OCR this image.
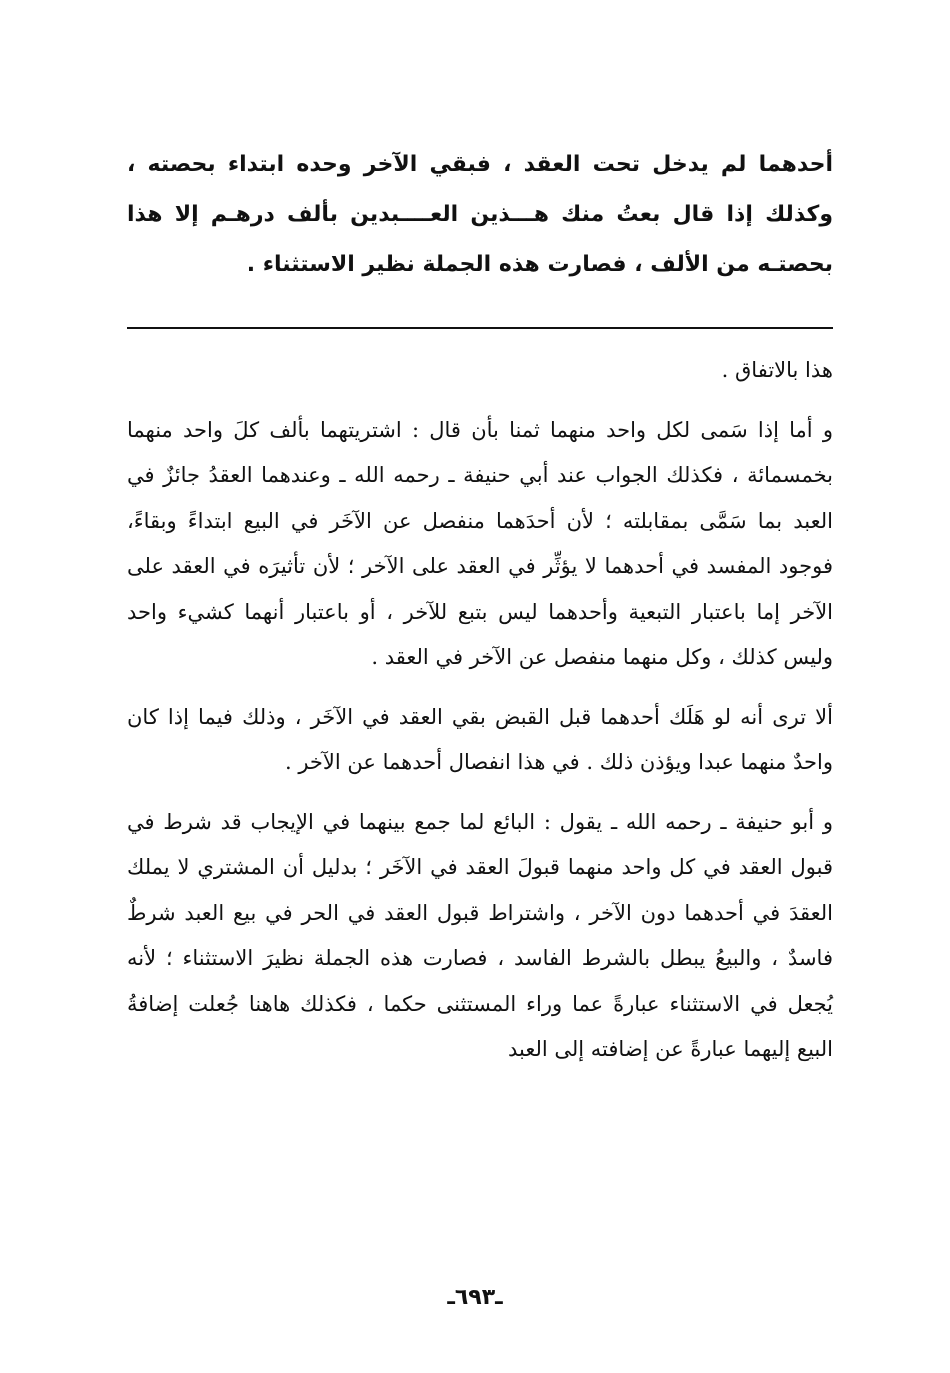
أحدهما لم يدخل تحت العقد ، فبقي الآخر وحده ابتداء بحصته ، وكذلك إذا قال بعتُ منك هـــذين العــــبدين بألف درهـم إلا هذا بحصتـه من الألف ، فصارت هذه الجملة نظير الاستثناء .

هذا بالاتفاق .

و أما إذا سَمى لكل واحد منهما ثمنا بأن قال : اشتريتهما بألف كلَ واحد منهما بخمسمائة ، فكذلك الجواب عند أبي حنيفة ـ رحمه الله ـ وعندهما العقدُ جائزٌ في العبد بما سَمَّى بمقابلته ؛ لأن أحدَهما منفصل عن الآخَر في البيع ابتداءً وبقاءً، فوجود المفسد في أحدهما لا يؤثِّر في العقد على الآخر ؛ لأن تأثيرَه في العقد على الآخر إما باعتبار التبعية وأحدهما ليس بتبع للآخر ، أو باعتبار أنهما كشيء واحد وليس كذلك ، وكل منهما منفصل عن الآخر في العقد .

ألا ترى أنه لو هَلَك أحدهما قبل القبض بقي العقد في الآخَر ، وذلك فيما إذا كان واحدٌ منهما عبدا ويؤذن ذلك . في هذا انفصال أحدهما عن الآخر .

و أبو حنيفة ـ رحمه الله ـ يقول : البائع لما جمع بينهما في الإيجاب قد شرط في قبول العقد في كل واحد منهما قبولَ العقد في الآخَر ؛ بدليل أن المشتري لا يملك العقدَ في أحدهما دون الآخر ، واشتراط قبول العقد في الحر في بيع العبد شرطٌ فاسدٌ ، والبيعُ يبطل بالشرط الفاسد ، فصارت هذه الجملة نظيرَ الاستثناء ؛ لأنه يُجعل في الاستثناء عبارةً عما وراء المستثنى حكما ، فكذلك هاهنا جُعلت إضافةُ البيع إليهما عبارةً عن إضافته إلى العبد

ـ٦٩٣ـ
